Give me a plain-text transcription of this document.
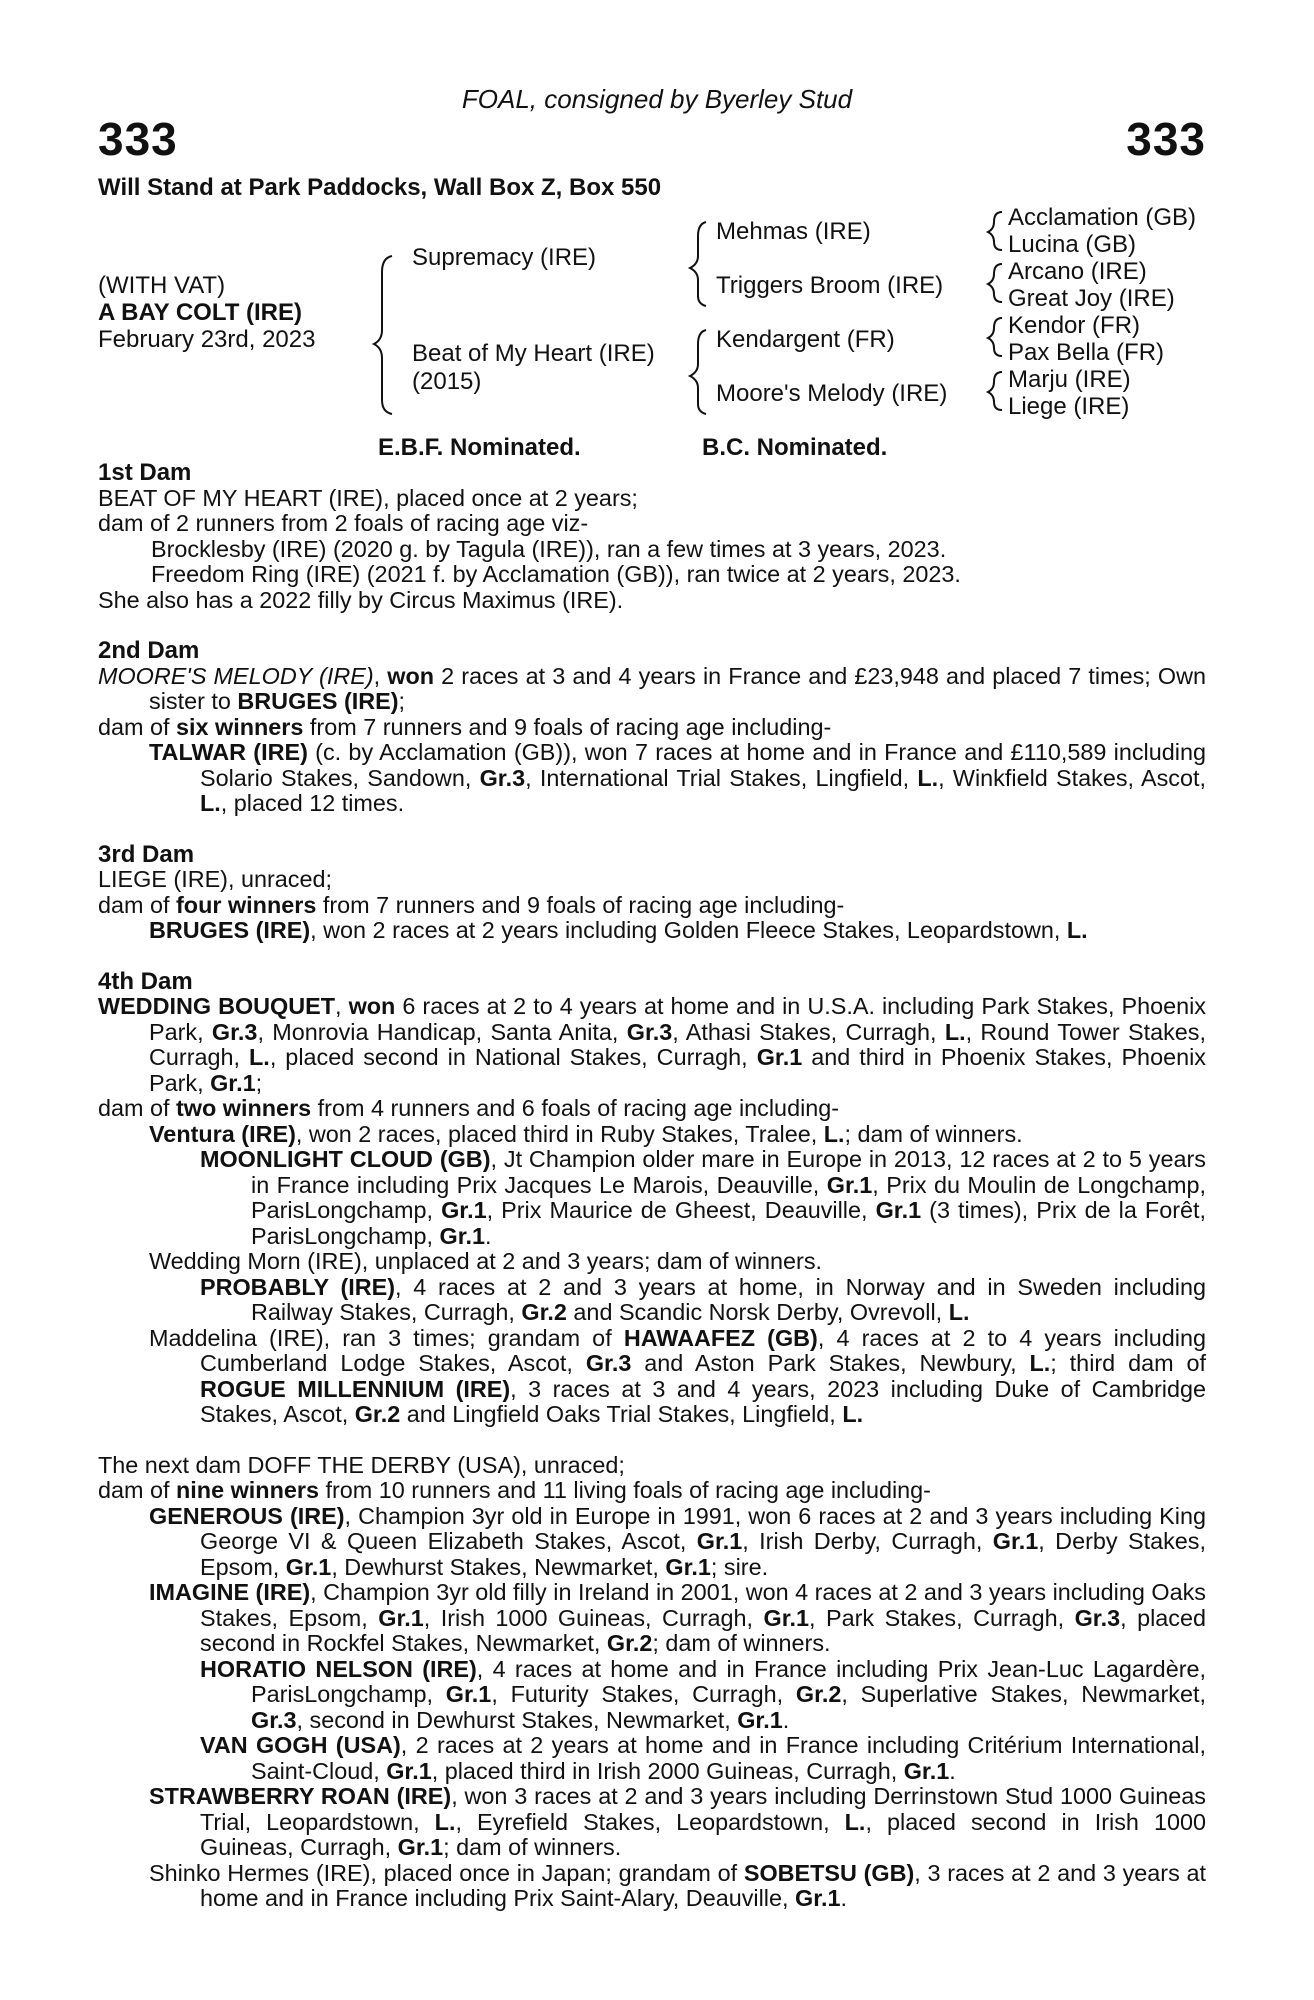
FOAL, consigned by Byerley Stud
333	333
Will Stand at Park Paddocks, Wall Box Z, Box 550
(WITH VAT)
A BAY COLT (IRE)
February 23rd, 2023
Supremacy (IRE)
Beat of My Heart (IRE)
(2015)
Mehmas (IRE)
Triggers Broom (IRE)
Kendargent (FR)
Moore's Melody (IRE)
Acclamation (GB)
Lucina (GB)
Arcano (IRE)
Great Joy (IRE)
Kendor (FR)
Pax Bella (FR)
Marju (IRE)
Liege (IRE)
E.B.F. Nominated.	B.C. Nominated.

1st Dam

BEAT OF MY HEART (IRE), placed once at 2 years;

dam of 2 runners from 2 foals of racing age viz-

Brocklesby (IRE) (2020 g. by Tagula (IRE)), ran a few times at 3 years, 2023.

Freedom Ring (IRE) (2021 f. by Acclamation (GB)), ran twice at 2 years, 2023.

She also has a 2022 filly by Circus Maximus (IRE).

2nd Dam

MOORE'S MELODY (IRE), won 2 races at 3 and 4 years in France and £23,948 and placed 7 times; Own sister to BRUGES (IRE);

dam of six winners from 7 runners and 9 foals of racing age including-

TALWAR (IRE) (c. by Acclamation (GB)), won 7 races at home and in France and £110,589 including Solario Stakes, Sandown, Gr.3, International Trial Stakes, Lingfield, L., Winkfield Stakes, Ascot, L., placed 12 times.

3rd Dam

LIEGE (IRE), unraced;

dam of four winners from 7 runners and 9 foals of racing age including-

BRUGES (IRE), won 2 races at 2 years including Golden Fleece Stakes, Leopardstown, L.

4th Dam

WEDDING BOUQUET, won 6 races at 2 to 4 years at home and in U.S.A. including Park Stakes, Phoenix Park, Gr.3, Monrovia Handicap, Santa Anita, Gr.3, Athasi Stakes, Curragh, L., Round Tower Stakes, Curragh, L., placed second in National Stakes, Curragh, Gr.1 and third in Phoenix Stakes, Phoenix Park, Gr.1;

dam of two winners from 4 runners and 6 foals of racing age including-

Ventura (IRE), won 2 races, placed third in Ruby Stakes, Tralee, L.; dam of winners.

MOONLIGHT CLOUD (GB), Jt Champion older mare in Europe in 2013, 12 races at 2 to 5 years in France including Prix Jacques Le Marois, Deauville, Gr.1, Prix du Moulin de Longchamp, ParisLongchamp, Gr.1, Prix Maurice de Gheest, Deauville, Gr.1 (3 times), Prix de la Forêt, ParisLongchamp, Gr.1.

Wedding Morn (IRE), unplaced at 2 and 3 years; dam of winners.

PROBABLY (IRE), 4 races at 2 and 3 years at home, in Norway and in Sweden including Railway Stakes, Curragh, Gr.2 and Scandic Norsk Derby, Ovrevoll, L.

Maddelina (IRE), ran 3 times; grandam of HAWAAFEZ (GB), 4 races at 2 to 4 years including Cumberland Lodge Stakes, Ascot, Gr.3 and Aston Park Stakes, Newbury, L.; third dam of ROGUE MILLENNIUM (IRE), 3 races at 3 and 4 years, 2023 including Duke of Cambridge Stakes, Ascot, Gr.2 and Lingfield Oaks Trial Stakes, Lingfield, L.

The next dam DOFF THE DERBY (USA), unraced;

dam of nine winners from 10 runners and 11 living foals of racing age including-

GENEROUS (IRE), Champion 3yr old in Europe in 1991, won 6 races at 2 and 3 years including King George VI & Queen Elizabeth Stakes, Ascot, Gr.1, Irish Derby, Curragh, Gr.1, Derby Stakes, Epsom, Gr.1, Dewhurst Stakes, Newmarket, Gr.1; sire.

IMAGINE (IRE), Champion 3yr old filly in Ireland in 2001, won 4 races at 2 and 3 years including Oaks Stakes, Epsom, Gr.1, Irish 1000 Guineas, Curragh, Gr.1, Park Stakes, Curragh, Gr.3, placed second in Rockfel Stakes, Newmarket, Gr.2; dam of winners.

HORATIO NELSON (IRE), 4 races at home and in France including Prix Jean-Luc Lagardère, ParisLongchamp, Gr.1, Futurity Stakes, Curragh, Gr.2, Superlative Stakes, Newmarket, Gr.3, second in Dewhurst Stakes, Newmarket, Gr.1.

VAN GOGH (USA), 2 races at 2 years at home and in France including Critérium International, Saint-Cloud, Gr.1, placed third in Irish 2000 Guineas, Curragh, Gr.1.

STRAWBERRY ROAN (IRE), won 3 races at 2 and 3 years including Derrinstown Stud 1000 Guineas Trial, Leopardstown, L., Eyrefield Stakes, Leopardstown, L., placed second in Irish 1000 Guineas, Curragh, Gr.1; dam of winners.

Shinko Hermes (IRE), placed once in Japan; grandam of SOBETSU (GB), 3 races at 2 and 3 years at home and in France including Prix Saint-Alary, Deauville, Gr.1.
